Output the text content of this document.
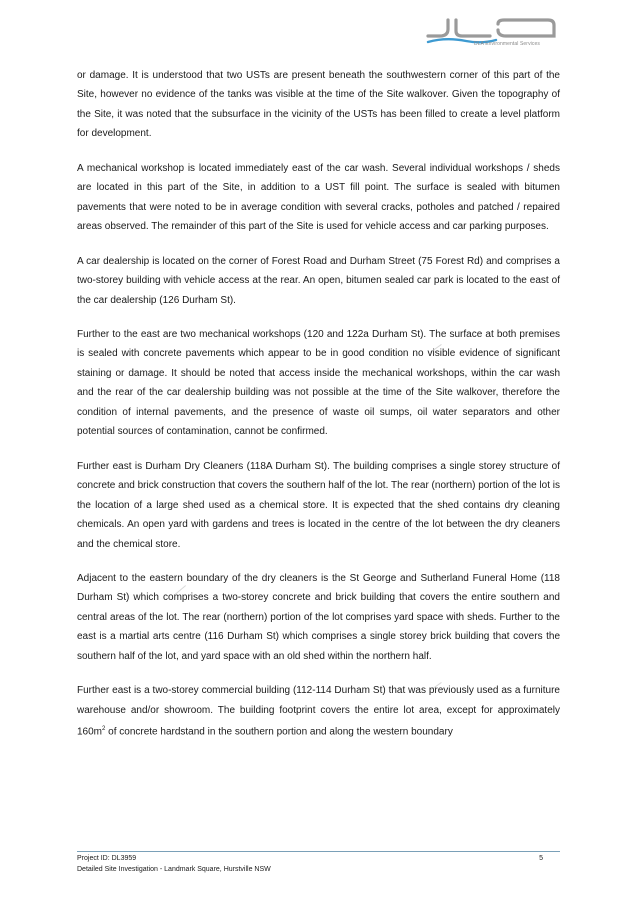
DLA Environmental Services

or damage. It is understood that two USTs are present beneath the southwestern corner of this part of the Site, however no evidence of the tanks was visible at the time of the Site walkover. Given the topography of the Site, it was noted that the subsurface in the vicinity of the USTs has been filled to create a level platform for development.

A mechanical workshop is located immediately east of the car wash. Several individual workshops / sheds are located in this part of the Site, in addition to a UST fill point. The surface is sealed with bitumen pavements that were noted to be in average condition with several cracks, potholes and patched / repaired areas observed. The remainder of this part of the Site is used for vehicle access and car parking purposes.

A car dealership is located on the corner of Forest Road and Durham Street (75 Forest Rd) and comprises a two-storey building with vehicle access at the rear. An open, bitumen sealed car park is located to the east of the car dealership (126 Durham St).

Further to the east are two mechanical workshops (120 and 122a Durham St). The surface at both premises is sealed with concrete pavements which appear to be in good condition no visible evidence of significant staining or damage. It should be noted that access inside the mechanical workshops, within the car wash and the rear of the car dealership building was not possible at the time of the Site walkover, therefore the condition of internal pavements, and the presence of waste oil sumps, oil water separators and other potential sources of contamination, cannot be confirmed.

Further east is Durham Dry Cleaners (118A Durham St). The building comprises a single storey structure of concrete and brick construction that covers the southern half of the lot. The rear (northern) portion of the lot is the location of a large shed used as a chemical store. It is expected that the shed contains dry cleaning chemicals. An open yard with gardens and trees is located in the centre of the lot between the dry cleaners and the chemical store.

Adjacent to the eastern boundary of the dry cleaners is the St George and Sutherland Funeral Home (118 Durham St) which comprises a two-storey concrete and brick building that covers the entire southern and central areas of the lot. The rear (northern) portion of the lot comprises yard space with sheds. Further to the east is a martial arts centre (116 Durham St) which comprises a single storey brick building that covers the southern half of the lot, and yard space with an old shed within the northern half.

Further east is a two-storey commercial building (112-114 Durham St) that was previously used as a furniture warehouse and/or showroom. The building footprint covers the entire lot area, except for approximately $160m^2$ of concrete hardstand in the southern portion and along the western boundary

Project ID: DL3959
Detailed Site Investigation - Landmark Square, Hurstville NSW
5
